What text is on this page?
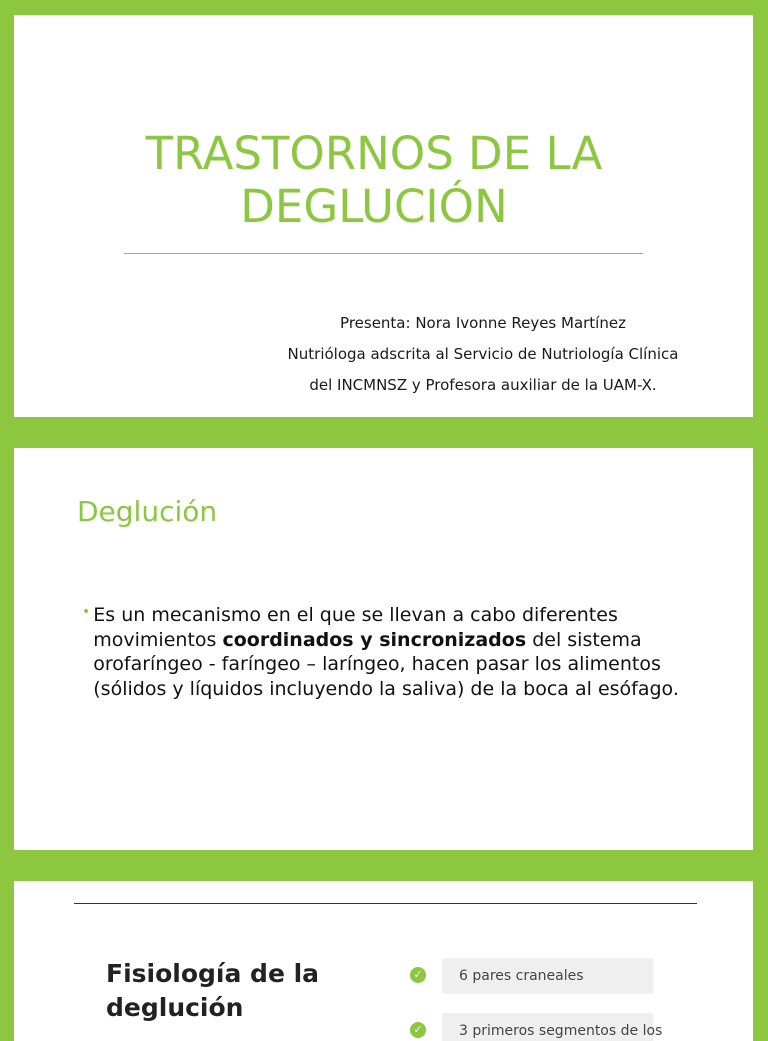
TRASTORNOS DE LA
DEGLUCIÓN
Presenta: Nora Ivonne Reyes Martínez
Nutrióloga adscrita al Servicio de Nutriología Clínica
del INCMNSZ y Profesora auxiliar de la UAM-X.
Deglución
• Es un mecanismo en el que se llevan a cabo diferentes movimientos coordinados y sincronizados del sistema orofaríngeo - faríngeo – laríngeo, hacen pasar los alimentos (sólidos y líquidos incluyendo la saliva) de la boca al esófago.
Fisiología de la
deglución
✓	6 pares craneales
✓	3 primeros segmentos de los
